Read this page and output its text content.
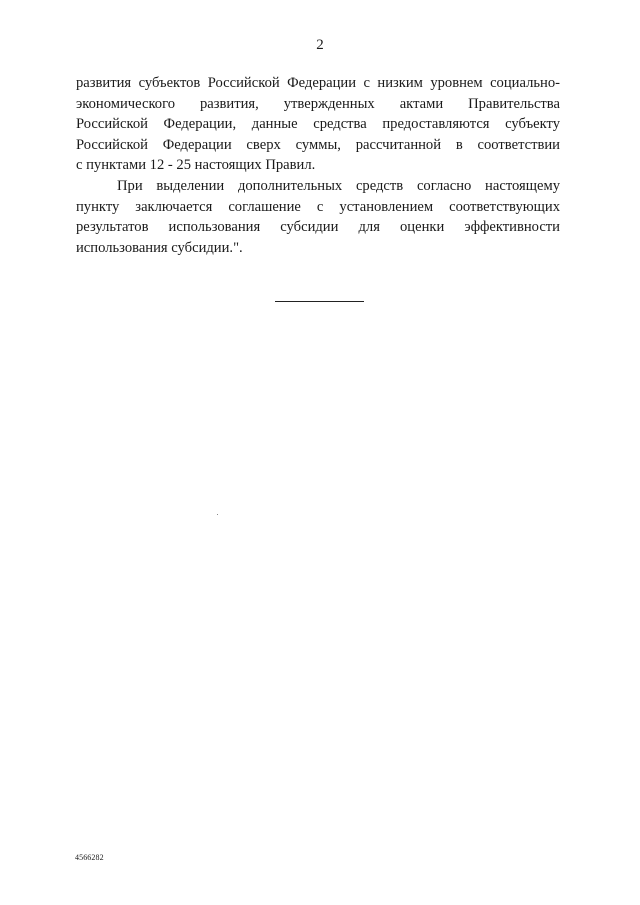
2
развития субъектов Российской Федерации с низким уровнем социально-
экономического развития, утвержденных актами Правительства
Российской Федерации, данные средства предоставляются субъекту
Российской Федерации сверх суммы, рассчитанной в соответствии
с пунктами 12 - 25 настоящих Правил.
При выделении дополнительных средств согласно настоящему
пункту заключается соглашение с установлением соответствующих
результатов использования субсидии для оценки эффективности
использования субсидии.".
4566282
